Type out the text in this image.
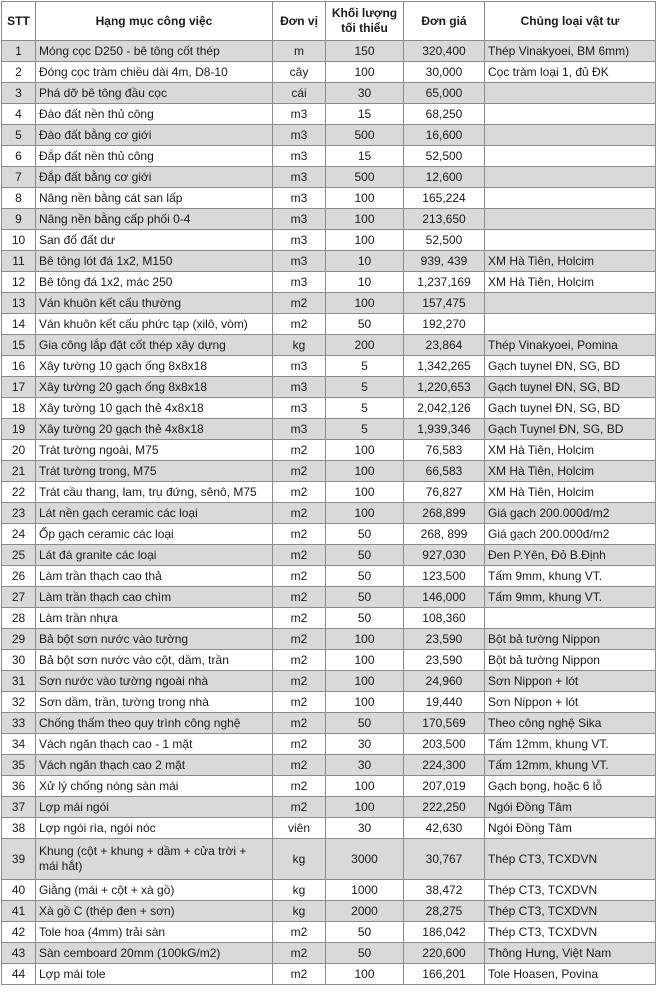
STT	Hạng mục công việc	Đơn vị	Khối lượng tối thiểu	Đơn giá	Chủng loại vật tư
1	Móng cọc D250 - bê tông cốt thép	m	150	320,400	Thép Vinakyoei, BM 6mm)
2	Đóng cọc tràm chiều dài 4m, D8-10	cây	100	30,000	Cọc tràm loại 1, đủ ĐK
3	Phá dỡ bê tông đầu cọc	cái	30	65,000	
4	Đào đất nền thủ công	m3	15	68,250	
5	Đào đất bằng cơ giới	m3	500	16,600	
6	Đắp đất nền thủ công	m3	15	52,500	
7	Đắp đất bằng cơ giới	m3	500	12,600	
8	Nâng nền bằng cát san lấp	m3	100	165,224	
9	Nâng nền bằng cấp phối 0-4	m3	100	213,650	
10	San đổ đất dư	m3	100	52,500	
11	Bê tông lót đá 1x2, M150	m3	10	939, 439	XM Hà Tiên, Holcim
12	Bê tông đá 1x2, mác 250	m3	10	1,237,169	XM Hà Tiên, Holcim
13	Ván khuôn kết cấu thường	m2	100	157,475	
14	Ván khuôn kết cấu phức tạp (xilô, vòm)	m2	50	192,270	
15	Gia công lắp đặt cốt thép xây dựng	kg	200	23,864	Thép Vinakyoei, Pomina
16	Xây tường 10 gạch ống 8x8x18	m3	5	1,342,265	Gạch tuynel ĐN, SG, BD
17	Xây tường 20 gạch ống 8x8x18	m3	5	1,220,653	Gạch tuynel ĐN, SG, BD
18	Xây tường 10 gạch thẻ 4x8x18	m3	5	2,042,126	Gạch tuynel ĐN, SG, BD
19	Xây tường 20 gạch thẻ 4x8x18	m3	5	1,939,346	Gạch Tuynel ĐN, SG, BD
20	Trát tường ngoài, M75	m2	100	76,583	XM Hà Tiên, Holcim
21	Trát tường trong, M75	m2	100	66,583	XM Hà Tiên, Holcim
22	Trát cầu thang, lam, trụ đứng, sênô, M75	m2	100	76,827	XM Hà Tiên, Holcim
23	Lát nền gạch ceramic các loại	m2	100	268,899	Giá gạch 200.000đ/m2
24	Ốp gạch ceramic các loại	m2	50	268, 899	Giá gạch 200.000đ/m2
25	Lát đá granite các loại	m2	50	927,030	Đen P.Yên, Đỏ B.Định
26	Làm trần thạch cao thả	m2	50	123,500	Tấm 9mm, khung VT.
27	Làm trần thạch cao chìm	m2	50	146,000	Tấm 9mm, khung VT.
28	Làm trần nhựa	m2	50	108,360	
29	Bả bột sơn nước vào tường	m2	100	23,590	Bột bả tường Nippon
30	Bả bột sơn nước vào cột, dầm, trần	m2	100	23,590	Bột bả tường Nippon
31	Sơn nước vào tường ngoài nhà	m2	100	24,960	Sơn Nippon + lót
32	Sơn dầm, trần, tường trong nhà	m2	100	19,440	Sơn Nippon + lót
33	Chống thấm theo quy trình công nghệ	m2	50	170,569	Theo công nghệ Sika
34	Vách ngăn thạch cao - 1 mặt	m2	30	203,500	Tấm 12mm, khung VT.
35	Vách ngăn thạch cao 2 mặt	m2	30	224,300	Tấm 12mm, khung VT.
36	Xử lý chống nóng sàn mái	m2	100	207,019	Gạch bọng, hoặc 6 lỗ
37	Lợp mái ngói	m2	100	222,250	Ngói Đồng Tâm
38	Lợp ngói rìa, ngói nóc	viên	30	42,630	Ngói Đồng Tâm
39	Khung (cột + khung + dầm + cửa trời + mái hắt)	kg	3000	30,767	Thép CT3, TCXDVN
40	Giằng (mái + cột + xà gồ)	kg	1000	38,472	Thép CT3, TCXDVN
41	Xà gồ C (thép đen + sơn)	kg	2000	28,275	Thép CT3, TCXDVN
42	Tole hoa (4mm) trải sàn	m2	50	186,042	Thép CT3, TCXDVN
43	Sàn cemboard 20mm (100kG/m2)	m2	50	220,600	Thông Hưng, Việt Nam
44	Lợp mái tole	m2	100	166,201	Tole Hoasen, Povina
